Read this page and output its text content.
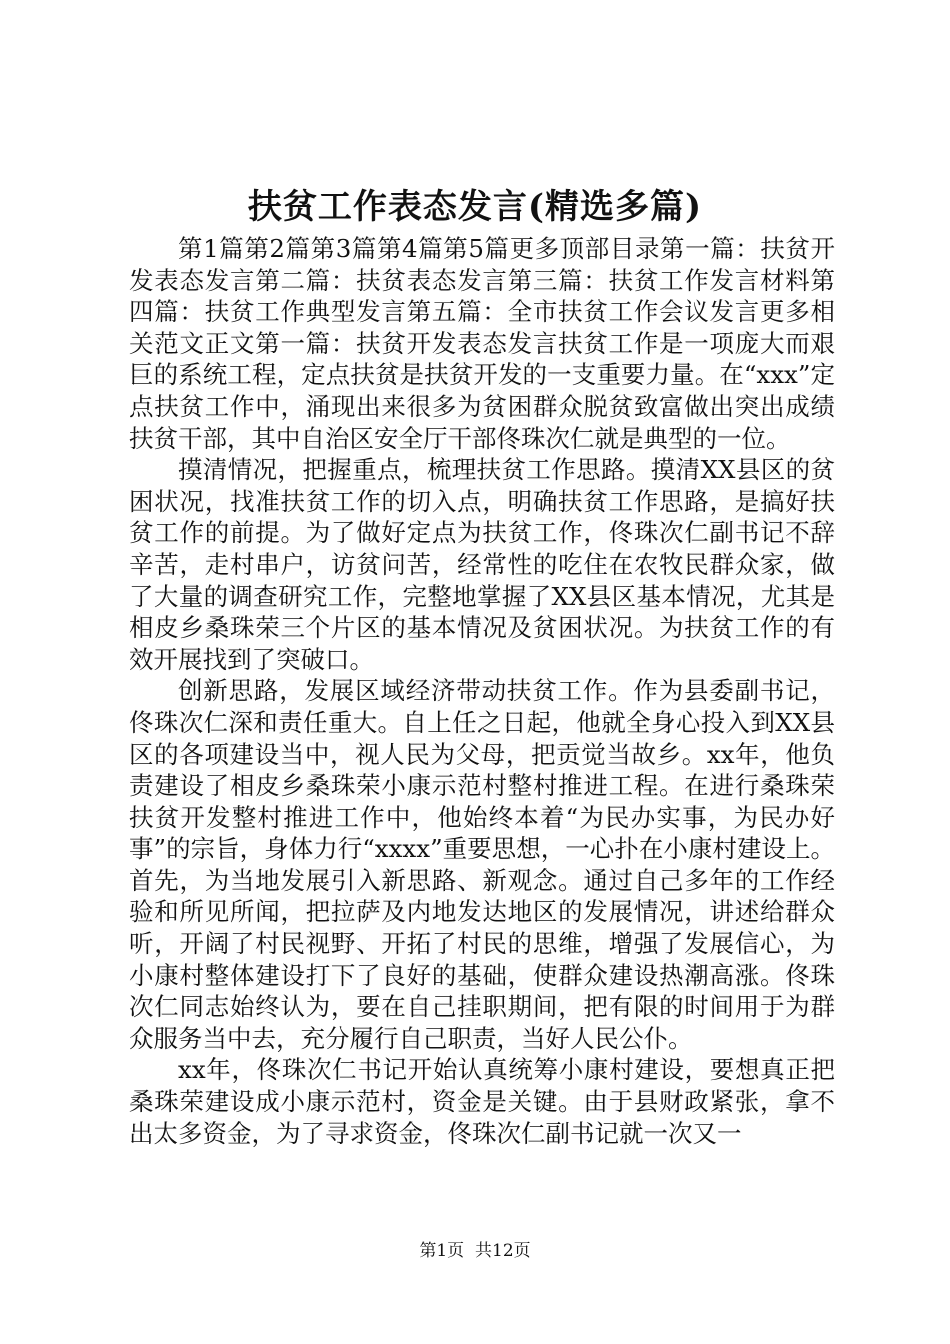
扶贫工作表态发言(精选多篇)

第1篇第2篇第3篇第4篇第5篇更多顶部目录第一篇：扶贫开发表态发言第二篇：扶贫表态发言第三篇：扶贫工作发言材料第四篇：扶贫工作典型发言第五篇：全市扶贫工作会议发言更多相关范文正文第一篇：扶贫开发表态发言扶贫工作是一项庞大而艰巨的系统工程，定点扶贫是扶贫开发的一支重要力量。在“xxx”定点扶贫工作中，涌现出来很多为贫困群众脱贫致富做出突出成绩扶贫干部，其中自治区安全厅干部佟珠次仁就是典型的一位。

摸清情况，把握重点，梳理扶贫工作思路。摸清XX县区的贫困状况，找准扶贫工作的切入点，明确扶贫工作思路，是搞好扶贫工作的前提。为了做好定点为扶贫工作，佟珠次仁副书记不辞辛苦，走村串户，访贫问苦，经常性的吃住在农牧民群众家，做了大量的调查研究工作，完整地掌握了XX县区基本情况，尤其是相皮乡桑珠荣三个片区的基本情况及贫困状况。为扶贫工作的有效开展找到了突破口。

创新思路，发展区域经济带动扶贫工作。作为县委副书记，佟珠次仁深和责任重大。自上任之日起，他就全身心投入到XX县区的各项建设当中，视人民为父母，把贡觉当故乡。xx年，他负责建设了相皮乡桑珠荣小康示范村整村推进工程。在进行桑珠荣扶贫开发整村推进工作中，他始终本着“为民办实事，为民办好事”的宗旨，身体力行“xxxx”重要思想，一心扑在小康村建设上。首先，为当地发展引入新思路、新观念。通过自己多年的工作经验和所见所闻，把拉萨及内地发达地区的发展情况，讲述给群众听，开阔了村民视野、开拓了村民的思维，增强了发展信心，为小康村整体建设打下了良好的基础，使群众建设热潮高涨。佟珠次仁同志始终认为，要在自己挂职期间，把有限的时间用于为群众服务当中去，充分履行自己职责，当好人民公仆。

xx年，佟珠次仁书记开始认真统筹小康村建设，要想真正把桑珠荣建设成小康示范村，资金是关键。由于县财政紧张，拿不出太多资金，为了寻求资金，佟珠次仁副书记就一次又一

第1页 共12页
